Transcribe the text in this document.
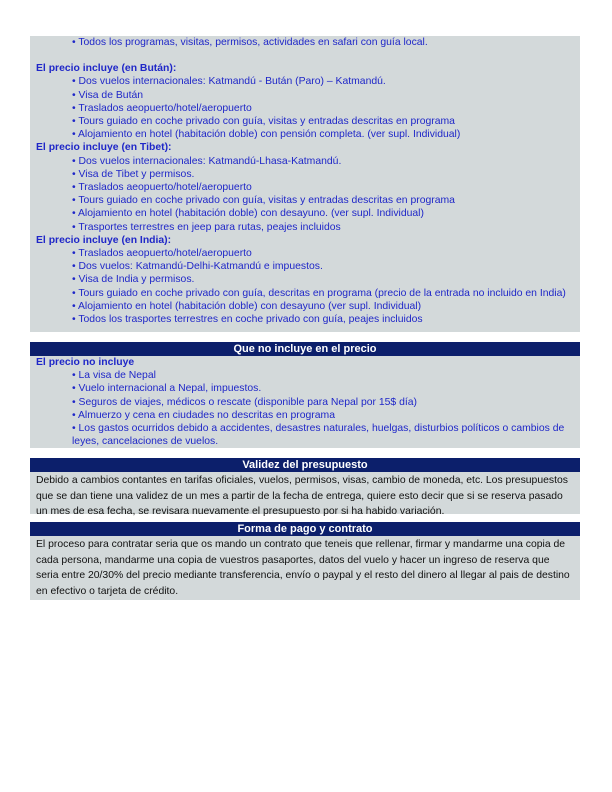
• Todos los programas, visitas, permisos, actividades en safari con guía local.
El precio incluye (en Bután):
• Dos vuelos internacionales: Katmandú - Bután (Paro) – Katmandú.
• Visa de Bután
• Traslados aeopuerto/hotel/aeropuerto
• Tours guiado en coche privado con guía, visitas y entradas descritas en programa
• Alojamiento en hotel (habitación doble) con pensión completa. (ver supl. Individual)
El precio incluye (en Tibet):
• Dos vuelos internacionales: Katmandú-Lhasa-Katmandú.
• Visa de Tibet y permisos.
• Traslados aeopuerto/hotel/aeropuerto
• Tours guiado en coche privado con guía, visitas y entradas descritas en programa
• Alojamiento en hotel (habitación doble) con desayuno. (ver supl. Individual)
• Trasportes terrestres en jeep para rutas, peajes incluidos
El precio incluye (en India):
• Traslados aeopuerto/hotel/aeropuerto
• Dos vuelos: Katmandú-Delhi-Katmandú e impuestos.
• Visa de India y permisos.
• Tours guiado en coche privado con guía, descritas en programa (precio de la entrada no incluido en India)
• Alojamiento en hotel (habitación doble) con desayuno (ver supl. Individual)
• Todos los trasportes terrestres en coche privado con guía, peajes incluidos
Que no incluye en el precio
El precio no incluye
• La visa de Nepal
• Vuelo internacional a Nepal, impuestos.
• Seguros de viajes, médicos o rescate (disponible para Nepal por 15$ día)
• Almuerzo y cena en ciudades no descritas en programa
• Los gastos ocurridos debido a accidentes, desastres naturales, huelgas, disturbios políticos o cambios de leyes, cancelaciones de vuelos.
Validez del presupuesto
Debido a cambios contantes en tarifas oficiales, vuelos, permisos, visas, cambio de moneda, etc. Los presupuestos que se dan tiene una validez de un mes a partir de la fecha de entrega, quiere esto decir que si se reserva pasado un mes de esa fecha, se revisara nuevamente el presupuesto por si ha habido variación.
Forma de pago y contrato
El proceso para contratar seria que os mando un contrato que teneis que rellenar, firmar y mandarme una copia de cada persona, mandarme una copia de vuestros pasaportes, datos del vuelo y hacer un ingreso de reserva que seria entre 20/30% del precio mediante transferencia, envío o paypal y el resto del dinero al llegar al pais de destino en efectivo o tarjeta de crédito.
